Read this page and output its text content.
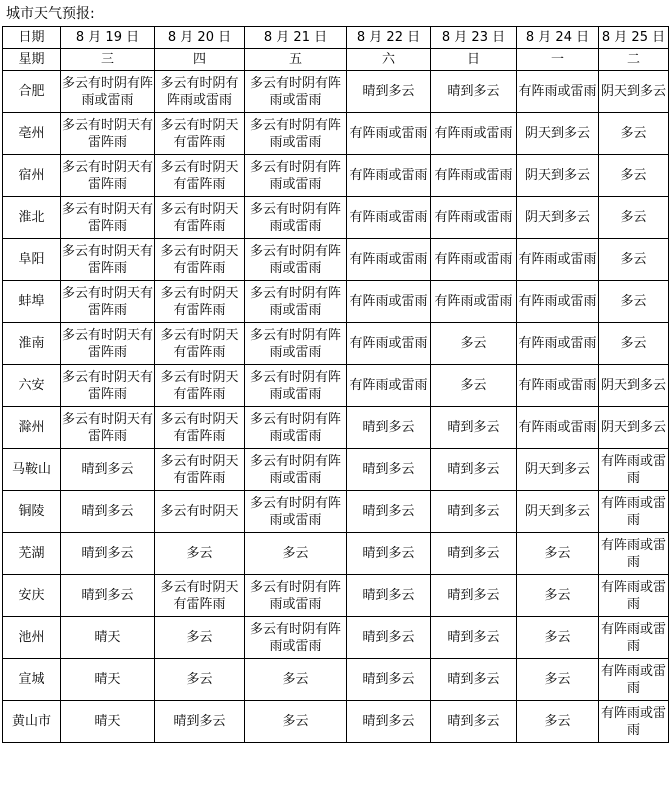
城市天气预报:
日期	8 月 19 日	8 月 20 日	8 月 21 日	8 月 22 日	8 月 23 日	8 月 24 日	8 月 25 日
星期	三	四	五	六	日	一	二
合肥	多云有时阴有阵雨或雷雨	多云有时阴有阵雨或雷雨	多云有时阴有阵雨或雷雨	晴到多云	晴到多云	有阵雨或雷雨	阴天到多云
亳州	多云有时阴天有雷阵雨	多云有时阴天有雷阵雨	多云有时阴有阵雨或雷雨	有阵雨或雷雨	有阵雨或雷雨	阴天到多云	多云
宿州	多云有时阴天有雷阵雨	多云有时阴天有雷阵雨	多云有时阴有阵雨或雷雨	有阵雨或雷雨	有阵雨或雷雨	阴天到多云	多云
淮北	多云有时阴天有雷阵雨	多云有时阴天有雷阵雨	多云有时阴有阵雨或雷雨	有阵雨或雷雨	有阵雨或雷雨	阴天到多云	多云
阜阳	多云有时阴天有雷阵雨	多云有时阴天有雷阵雨	多云有时阴有阵雨或雷雨	有阵雨或雷雨	有阵雨或雷雨	有阵雨或雷雨	多云
蚌埠	多云有时阴天有雷阵雨	多云有时阴天有雷阵雨	多云有时阴有阵雨或雷雨	有阵雨或雷雨	有阵雨或雷雨	有阵雨或雷雨	多云
淮南	多云有时阴天有雷阵雨	多云有时阴天有雷阵雨	多云有时阴有阵雨或雷雨	有阵雨或雷雨	多云	有阵雨或雷雨	多云
六安	多云有时阴天有雷阵雨	多云有时阴天有雷阵雨	多云有时阴有阵雨或雷雨	有阵雨或雷雨	多云	有阵雨或雷雨	阴天到多云
滁州	多云有时阴天有雷阵雨	多云有时阴天有雷阵雨	多云有时阴有阵雨或雷雨	晴到多云	晴到多云	有阵雨或雷雨	阴天到多云
马鞍山	晴到多云	多云有时阴天有雷阵雨	多云有时阴有阵雨或雷雨	晴到多云	晴到多云	阴天到多云	有阵雨或雷雨
铜陵	晴到多云	多云有时阴天	多云有时阴有阵雨或雷雨	晴到多云	晴到多云	阴天到多云	有阵雨或雷雨
芜湖	晴到多云	多云	多云	晴到多云	晴到多云	多云	有阵雨或雷雨
安庆	晴到多云	多云有时阴天有雷阵雨	多云有时阴有阵雨或雷雨	晴到多云	晴到多云	多云	有阵雨或雷雨
池州	晴天	多云	多云有时阴有阵雨或雷雨	晴到多云	晴到多云	多云	有阵雨或雷雨
宣城	晴天	多云	多云	晴到多云	晴到多云	多云	有阵雨或雷雨
黄山市	晴天	晴到多云	多云	晴到多云	晴到多云	多云	有阵雨或雷雨
